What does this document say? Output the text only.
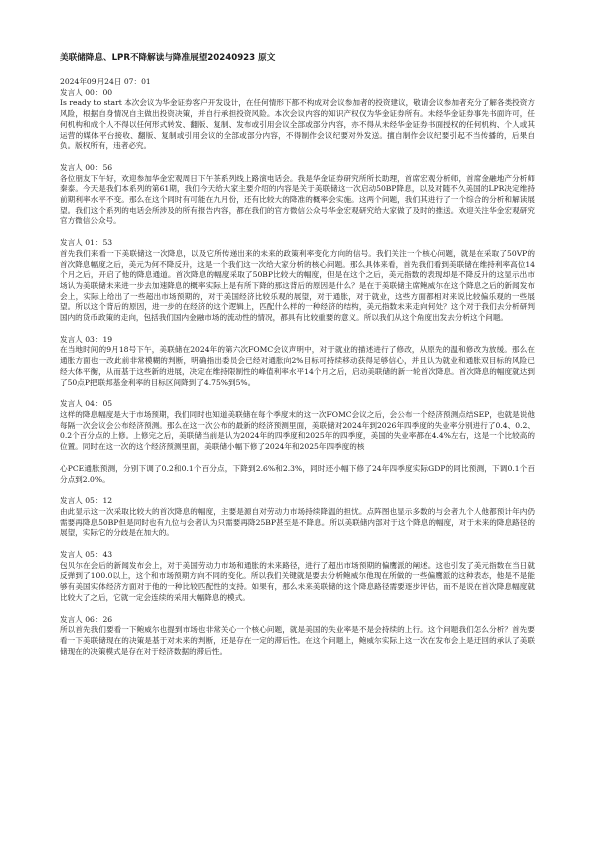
美联储降息、LPR不降解读与降准展望20240923 原文
2024年09月24日 07：01
发言人 00：00

Is ready to start 本次会议为华金证券客户开发设计，在任何情形下都不构成对会议参加者的投资建议，敬请会议参加者充分了解各类投资方风险，根据自身情况自主做出投资决策，并自行承担投资风险。本次会议内容的知识产权仅为华金证券所有。未经华金证券事先书面许可，任何机构和成个人不得以任何形式转发、翻版、复制、发布或引用会议全部或部分内容，亦不得从未经华金证券书面授权的任何机构、个人或其运营的媒体平台接收、翻版、复制或引用会议的全部或部分内容，不得制作会议纪要对外发送。擅自制作会议纪要引起不当传播的，后果自负。版权所有，违者必究。

发言人 00：56

各位朋友下午好，欢迎参加华金宏观周日下午茶系列线上路演电话会。我是华金证券研究所所长助理，首席宏观分析师，首席金融地产分析师秦泰。今天是我们本系列的第61期，我们今天给大家主要介绍的内容是关于美联储这一次启动50BP降息，以及对随不久美国的LPR决定维持前期利率水平不变。那么在这个同时有可能在九月份，还有比较大的降准的概率会实施。这两个问题，我们其进行了一个综合的分析和解读展望。我们这个系列的电话会所涉及的所有报告内容，都在我们的官方微信公众号华金宏观研究给大家做了及时的推送。欢迎关注华金宏观研究官方微信公众号。

发言人 01：53

首先我们来看一下美联储这一次降息，以及它所传递出来的未来的政策利率变化方向的信号。我们关注一个核心问题，就是在采取了50VP的首次降息幅度之后，美元为何不降反升，这是一个我们这一次给大家分析的核心问题。那么具体来看，首先我们看到美联储在维持利率高位14个月之后，开启了他的降息通道。首次降息的幅度采取了50BP比较大的幅度，但是在这个之后，美元指数的表现却是不降反升的这显示出市场认为美联储未来进一步去加速降息的概率实际上是有所下降的那这背后的原因是什么？是在于美联储主席鲍威尔在这个降息之后的新闻发布会上，实际上给出了一些超出市场预期的，对于美国经济比较乐观的展望，对于通胀，对于就业，这些方面都相对来说比较偏乐观的一些展望。所以这个背后的原因，进一步的在经济的这个逻辑上，匹配什么样的一种经济的结构，美元指数未来走向何处？这个对于我们去分析研判国内的货币政策的走向，包括我们国内金融市场的流动性的情况，都具有比较重要的意义。所以我们从这个角度出发去分析这个问题。

发言人 03：19

在当地时间的9月18号下午，美联储在2024年的第六次FOMC会议声明中，对于就业的描述进行了修改，从原先的温和修改为放缓。那么在通胀方面也一改此前非常模糊的判断，明确指出委员会已经对通胀向2%目标可持续移动获得足够信心，并且认为就业和通胀双目标的风险已经大体平衡，从而基于这些新的进展，决定在维持限制性的峰值利率水平14个月之后，启动美联储的新一轮首次降息。首次降息的幅度就达到了50点P把联邦基金利率的目标区间降到了4.75%到5%。

发言人 04：05

这样的降息幅度是大于市场预期，我们同时也知道美联储在每个季度末的这一次FOMC会议之后，会公布一个经济预测点结SEP，也就是说他每隔一次会议会公布经济预测。那么在这一次公布的最新的经济预测里面，美联储对2024年到2026年四季度的失业率分别进行了0.4、0.2、0.2个百分点的上修。上修完之后，美联储当前是认为2024年的四季度和2025年的四季度，美国的失业率都在4.4%左右，这是一个比较高的位置。同时在这一次的这个经济预测里面，美联储小幅下修了2024年和2025年四季度的核

心PCE通胀预测，分别下调了0.2和0.1个百分点，下降到2.6%和2.3%，同时还小幅下修了24年四季度实际GDP的同比预测，下调0.1个百分点到2.0%。

发言人 05：12

由此显示这一次采取比较大的首次降息的幅度，主要是源自对劳动力市场持续降温的担忧。点阵图也显示多数的与会者九个人他都预计年内仍需要再降息50BP但是同时也有九位与会者认为只需要再降25BP甚至是不降息。所以美联储内部对于这个降息的幅度，对于未来的降息路径的展望，实际它的分歧是在加大的。

发言人 05：43

包贝尔在会后的新闻发布会上，对于美国劳动力市场和通胀的未来路径，进行了超出市场预期的偏鹰派的阐述。这也引发了美元指数在当日就反弹到了100.0以上，这个和市场预期方向不同的变化。所以我们关键就是要去分析鲍威尔他现在所做的一些偏鹰派的这种表态，他是不是能够有美国实体经济方面对于他的一种比较匹配性的支持。如果有，那么未来美联储的这个降息路径需要逐步评估，而不是说在首次降息幅度就比较大了之后，它就一定会连续的采用大幅降息的模式。

发言人 06：26

所以首先我们要看一下鲍威尔也提到市场也非常关心一个核心问题，就是美国的失业率是不是会持续的上行。这个问题我们怎么分析？首先要看一下美联储现在的决策是基于对未来的判断，还是存在一定的滞后性。在这个问题上，鲍威尔实际上这一次在发布会上是迂回的承认了美联储现在的决策模式是存在对于经济数据的滞后性。
